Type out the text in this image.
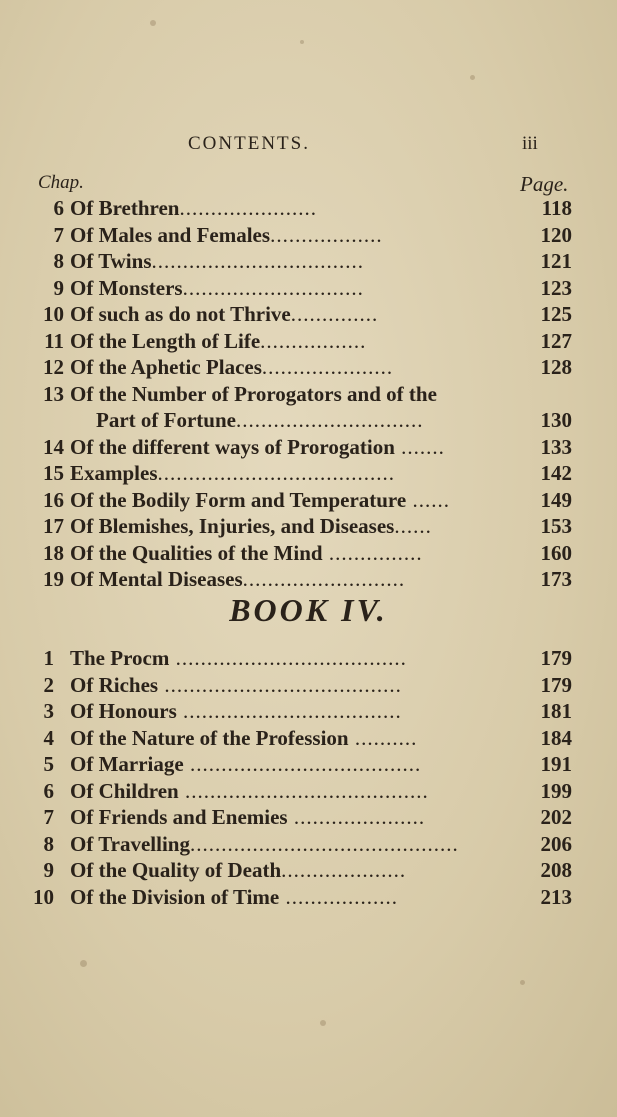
CONTENTS.	iii
Chap.	Page.
6 Of Brethren......................	118
7 Of Males and Females..................	120
8 Of Twins..................................	121
9 Of Monsters.............................	123
10 Of such as do not Thrive..............	125
11 Of the Length of Life.................	127
12 Of the Aphetic Places.....................	128
13 Of the Number of Prorogators and of the
Part of Fortune..............................	130
14 Of the different ways of Prorogation .......	133
15 Examples......................................	142
16 Of the Bodily Form and Temperature ......	149
17 Of Blemishes, Injuries, and Diseases......	153
18 Of the Qualities of the Mind ...............	160
19 Of Mental Diseases..........................	173
BOOK IV.
1 The Procm .....................................	179
2 Of Riches ......................................	179
3 Of Honours ...................................	181
4 Of the Nature of the Profession ..........	184
5 Of Marriage .....................................	191
6 Of Children .......................................	199
7 Of Friends and Enemies .....................	202
8 Of Travelling...........................................	206
9 Of the Quality of Death....................	208
10 Of the Division of Time ..................	213
